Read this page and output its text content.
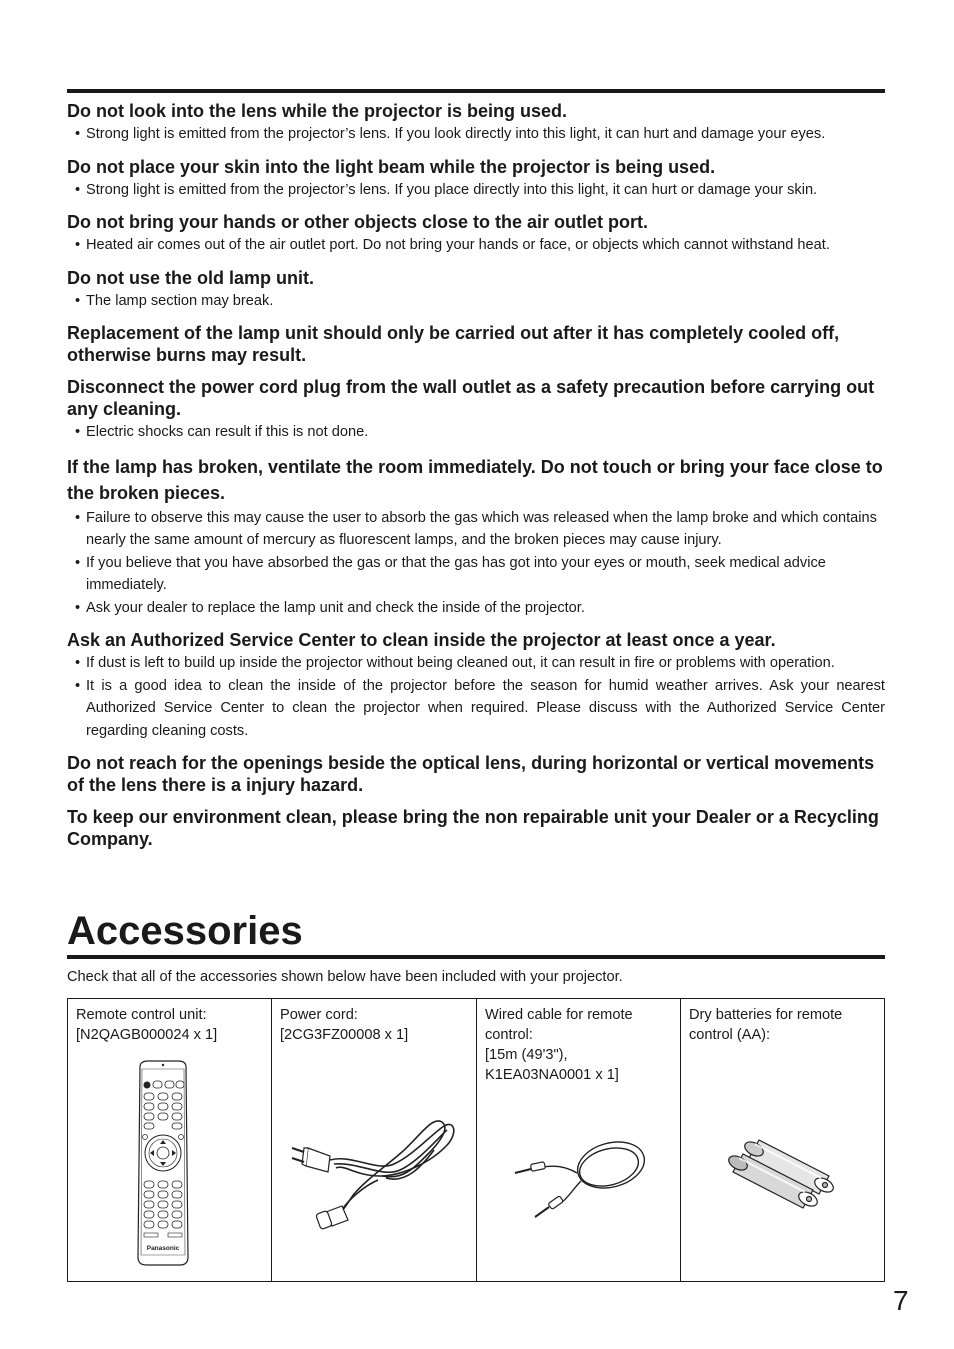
Do not look into the lens while the projector is being used.
• Strong light is emitted from the projector’s lens. If you look directly into this light, it can hurt and damage your eyes.
Do not place your skin into the light beam while the projector is being used.
• Strong light is emitted from the projector’s lens. If you place directly into this light, it can hurt or damage your skin.
Do not bring your hands or other objects close to the air outlet port.
• Heated air comes out of the air outlet port. Do not bring your hands or face, or objects which cannot withstand heat.
Do not use the old lamp unit.
• The lamp section may break.
Replacement of the lamp unit should only be carried out after it has completely cooled off, otherwise burns may result.
Disconnect the power cord plug from the wall outlet as a safety precaution before carrying out any cleaning.
• Electric shocks can result if this is not done.
If the lamp has broken, ventilate the room immediately. Do not touch or bring your face close to the broken pieces.
• Failure to observe this may cause the user to absorb the gas which was released when the lamp broke and which contains nearly the same amount of mercury as fluorescent lamps, and the broken pieces may cause injury.
• If you believe that you have absorbed the gas or that the gas has got into your eyes or mouth, seek medical advice immediately.
• Ask your dealer to replace the lamp unit and check the inside of the projector.
Ask an Authorized Service Center to clean inside the projector at least once a year.
• If dust is left to build up inside the projector without being cleaned out, it can result in fire or problems with operation.
• It is a good idea to clean the inside of the projector before the season for humid weather arrives. Ask your nearest Authorized Service Center to clean the projector when required. Please discuss with the Authorized Service Center regarding cleaning costs.
Do not reach for the openings beside the optical lens, during horizontal or vertical movements of the lens there is a injury hazard.
To keep our environment clean, please bring the non repairable unit your Dealer or a Recycling Company.
Accessories
Check that all of the accessories shown below have been included with your projector.
Remote control unit:
[N2QAGB000024 x 1]
Panasonic
Power cord:
[2CG3FZ00008 x 1]
Wired cable for remote
control:
[15m (49'3"),
K1EA03NA0001 x 1]
Dry batteries for remote
control (AA):
7
